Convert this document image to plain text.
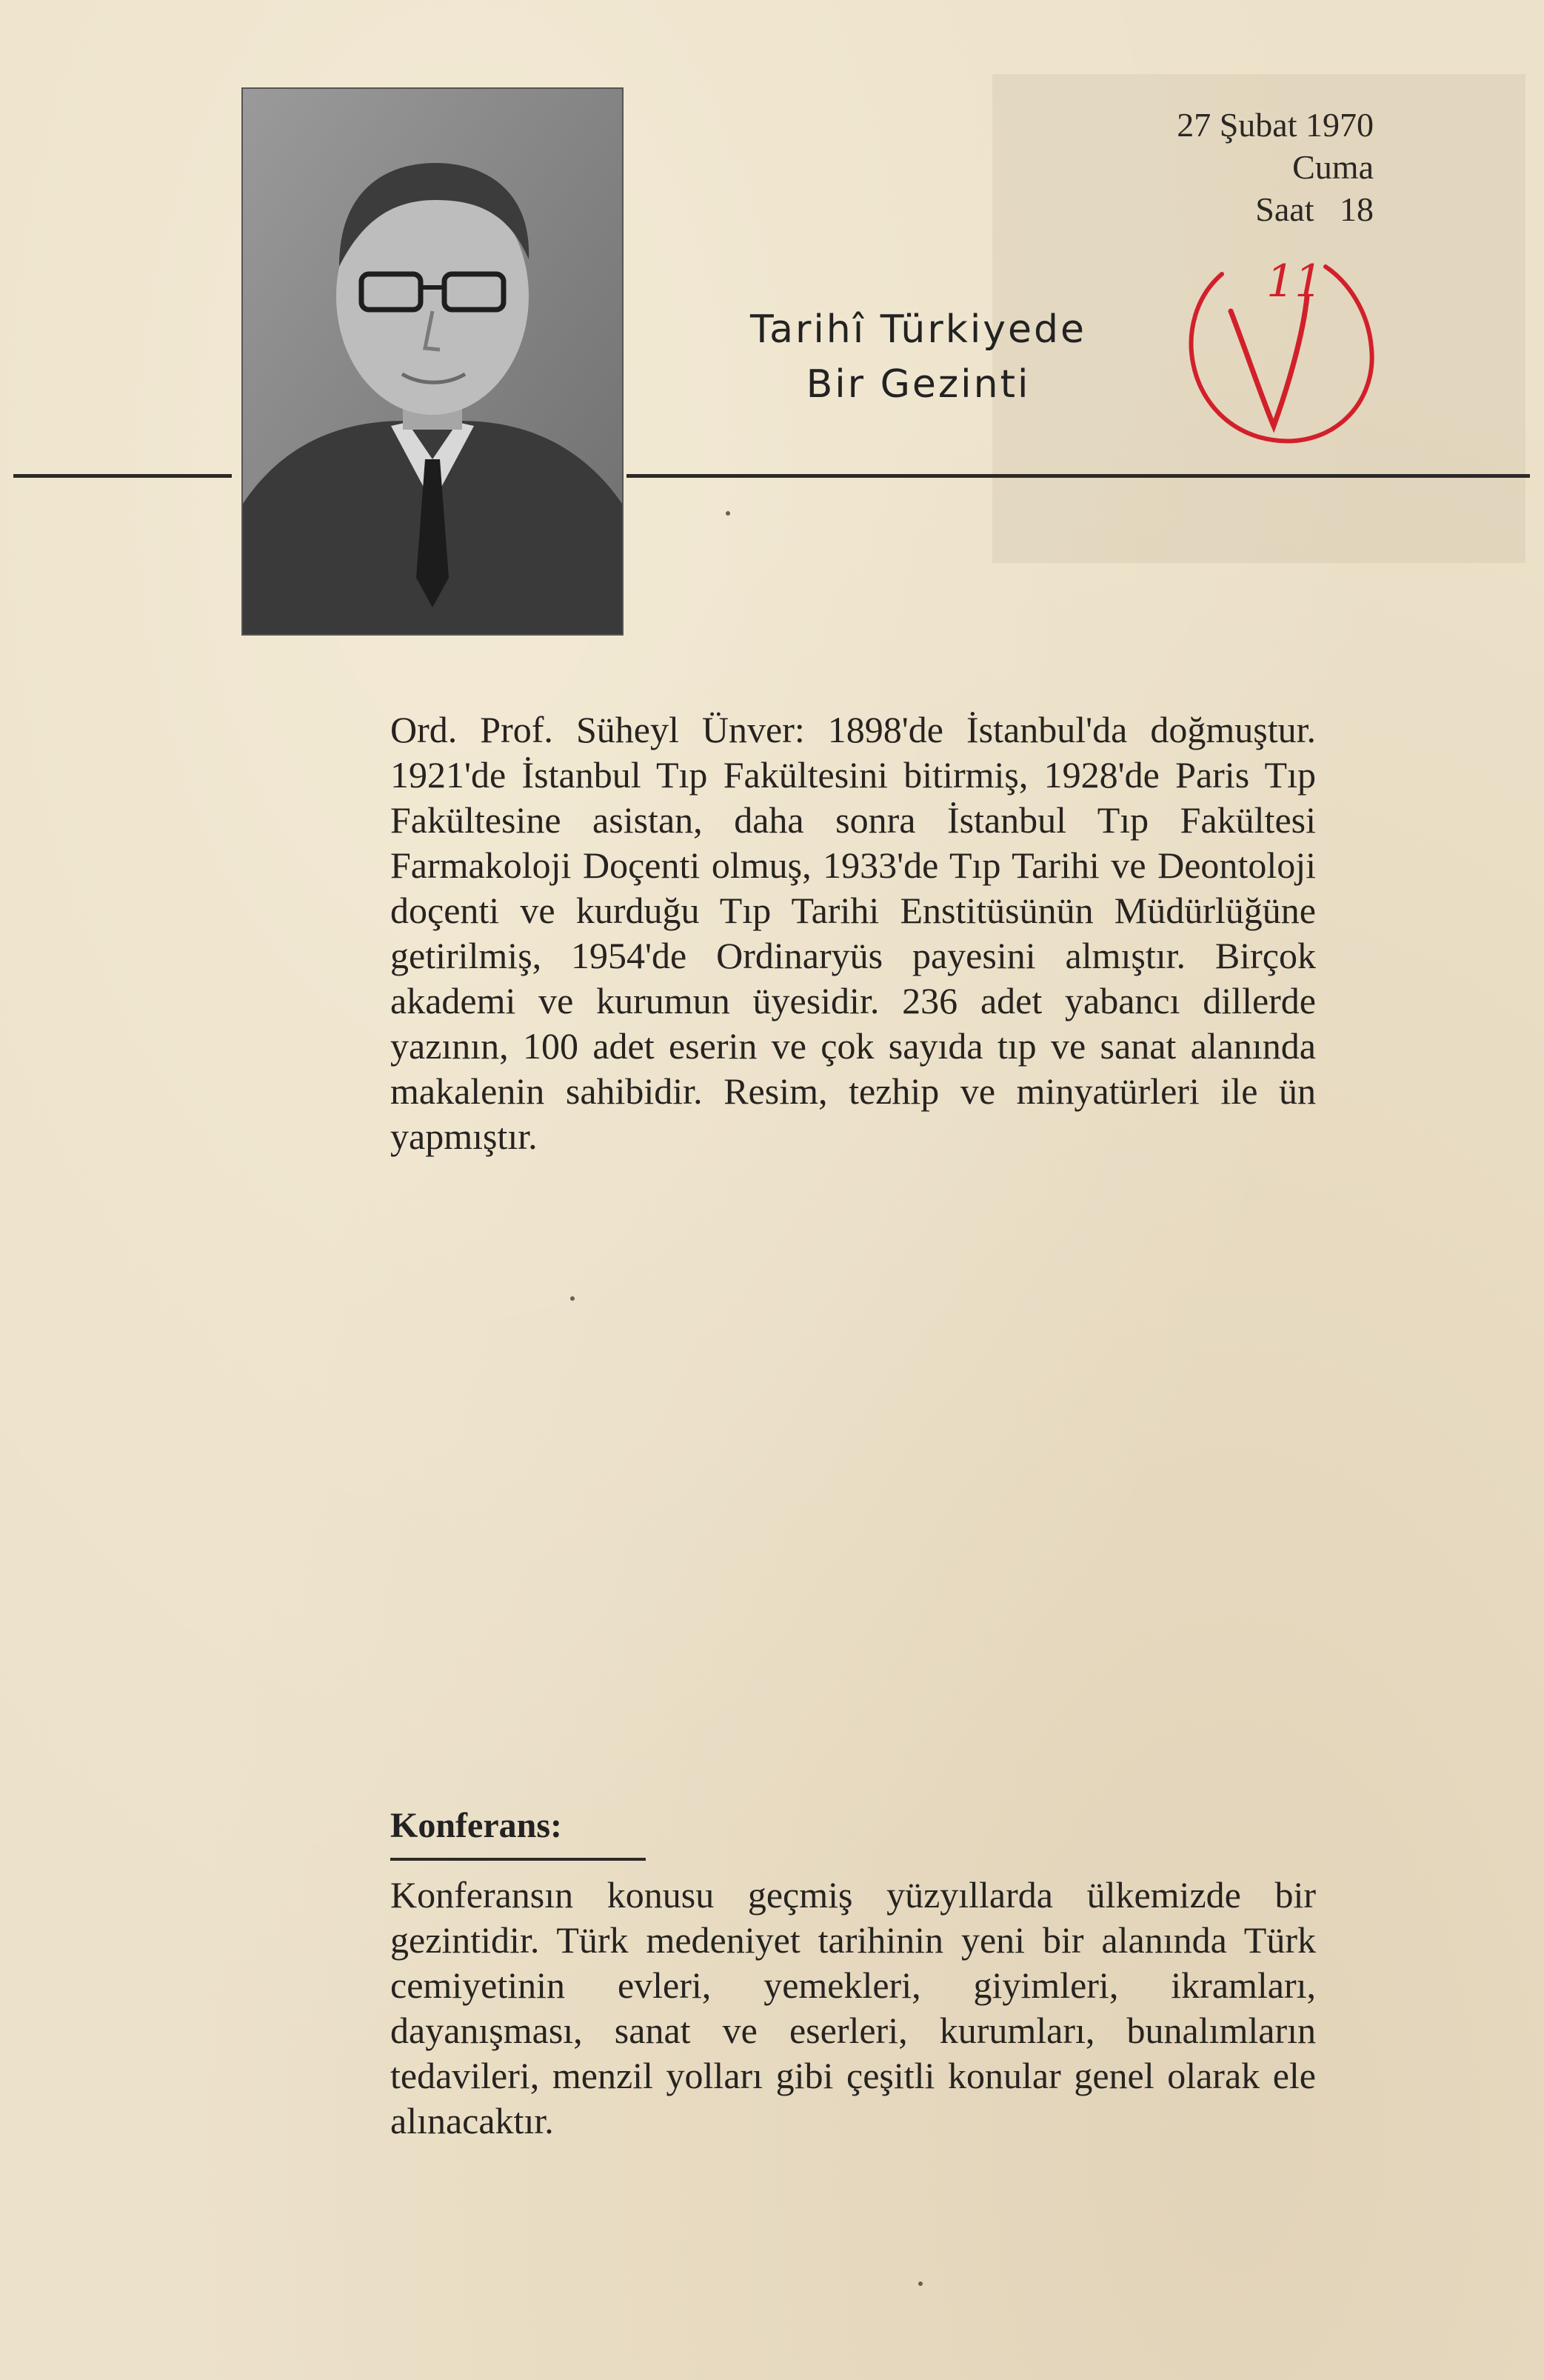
27 Şubat 1970
Cuma
Saat 18
Tarihî Türkiyede
Bir Gezinti
11
Ord. Prof. Süheyl Ünver: 1898'de İstanbul'da doğmuştur. 1921'de İstanbul Tıp Fakültesini bitirmiş, 1928'de Paris Tıp Fakültesine asistan, daha sonra İstanbul Tıp Fakültesi Farmakoloji Doçenti olmuş, 1933'de Tıp Tarihi ve Deontoloji doçenti ve kurduğu Tıp Tarihi Enstitüsünün Müdürlüğüne getirilmiş, 1954'de Ordinaryüs payesini almıştır. Birçok akademi ve kurumun üyesidir. 236 adet yabancı dillerde yazının, 100 adet eserin ve çok sayıda tıp ve sanat alanında makalenin sahibidir. Resim, tezhip ve minyatürleri ile ün yapmıştır.
Konferans:
Konferansın konusu geçmiş yüzyıllarda ülkemizde bir gezintidir. Türk medeniyet tarihinin yeni bir alanında Türk cemiyetinin evleri, yemekleri, giyimleri, ikramları, dayanışması, sanat ve eserleri, kurumları, bunalımların tedavileri, menzil yolları gibi çeşitli konular genel olarak ele alınacaktır.
